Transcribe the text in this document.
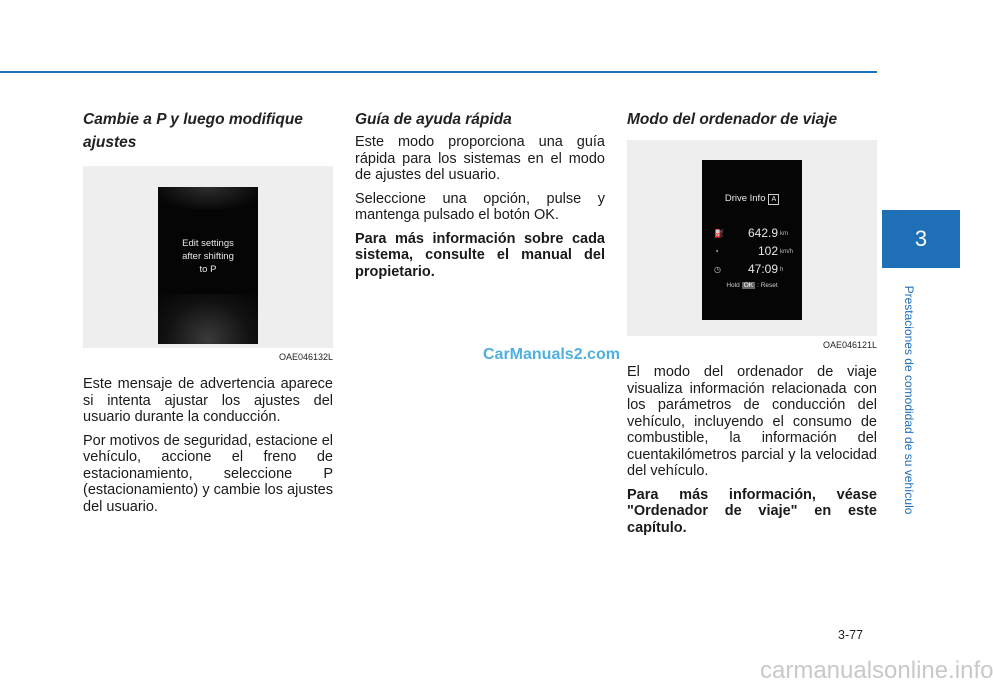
Cambie a P y luego modifique ajustes
Edit settings
after shifting
to P
OAE046132L

Este mensaje de advertencia aparece si intenta ajustar los ajustes del usuario durante la conducción.

Por motivos de seguridad, estacione el vehículo, accione el freno de estacionamiento, seleccione P (estacionamiento) y cambie los ajustes del usuario.

Guía de ayuda rápida

Este modo proporciona una guía rápida para los sistemas en el modo de ajustes del usuario.

Seleccione una opción, pulse y mantenga pulsado el botón OK.

Para más información sobre cada sistema, consulte el manual del propietario.

Modo del ordenador de viaje
Drive Info A
⛽ 642.9 km
◔	102 km/h
◷ 47:09 h
Hold OK : Reset
OAE046121L

El modo del ordenador de viaje visualiza información relacionada con los parámetros de conducción del vehículo, incluyendo el consumo de combustible, la información del cuentakilómetros parcial y la velocidad del vehículo.

Para más información, véase "Ordenador de viaje" en este capítulo.

3
Prestaciones de comodidad de su vehículo
3-77
CarManuals2.com
carmanualsonline.info
